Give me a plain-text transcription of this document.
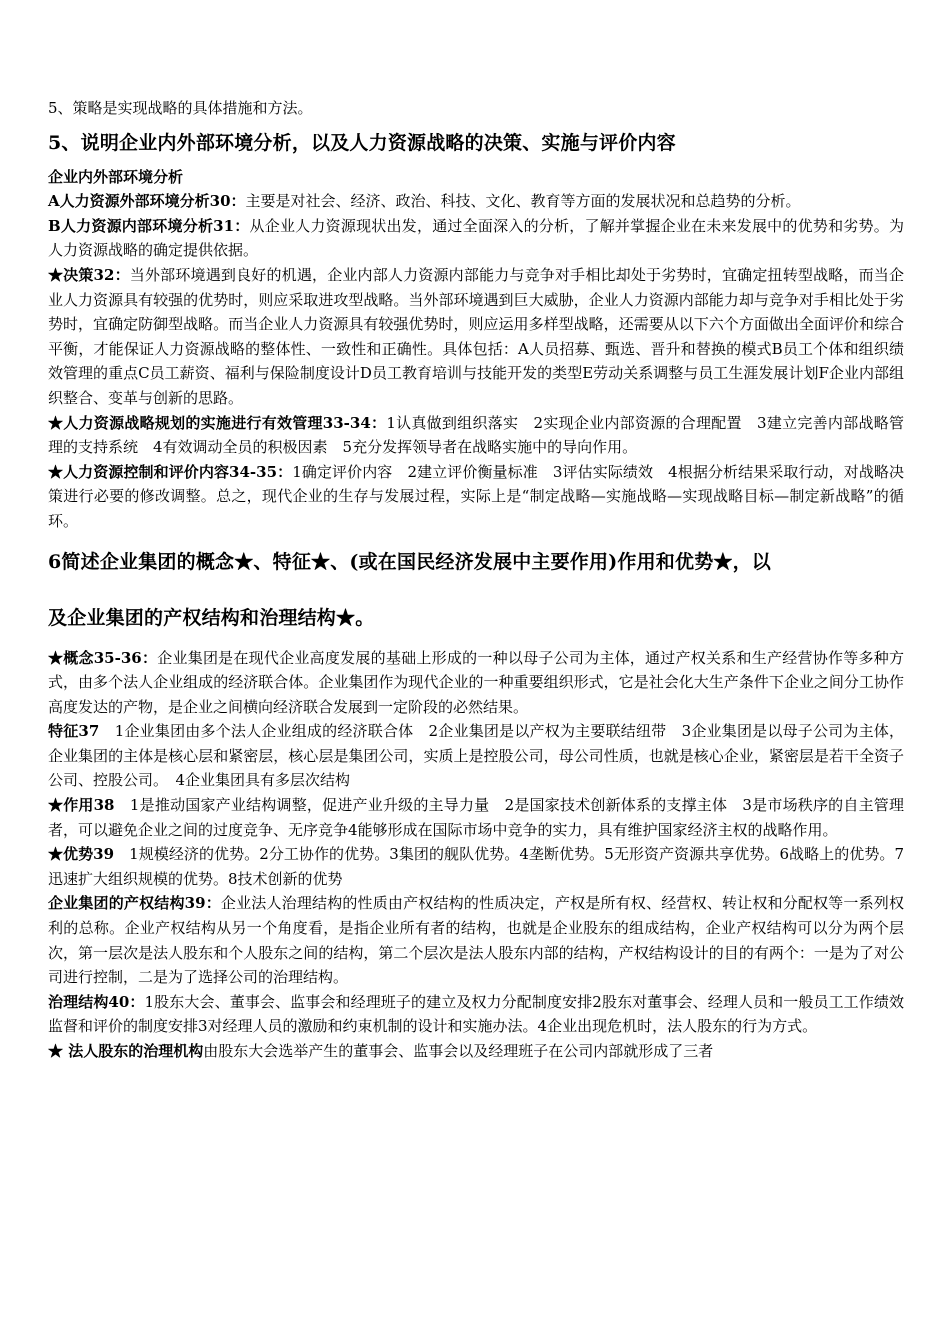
5、策略是实现战略的具体措施和方法。

5、说明企业内外部环境分析，以及人力资源战略的决策、实施与评价内容

企业内外部环境分析

A人力资源外部环境分析30：主要是对社会、经济、政治、科技、文化、教育等方面的发展状况和总趋势的分析。

B人力资源内部环境分析31：从企业人力资源现状出发，通过全面深入的分析，了解并掌握企业在未来发展中的优势和劣势。为人力资源战略的确定提供依据。

★决策32：当外部环境遇到良好的机遇，企业内部人力资源内部能力与竞争对手相比却处于劣势时，宜确定扭转型战略，而当企业人力资源具有较强的优势时，则应采取进攻型战略。当外部环境遇到巨大威胁，企业人力资源内部能力却与竞争对手相比处于劣势时，宜确定防御型战略。而当企业人力资源具有较强优势时，则应运用多样型战略，还需要从以下六个方面做出全面评价和综合平衡，才能保证人力资源战略的整体性、一致性和正确性。具体包括：A人员招募、甄选、晋升和替换的模式B员工个体和组织绩效管理的重点C员工薪资、福利与保险制度设计D员工教育培训与技能开发的类型E劳动关系调整与员工生涯发展计划F企业内部组织整合、变革与创新的思路。

★人力资源战略规划的实施进行有效管理33-34：1认真做到组织落实　2实现企业内部资源的合理配置　3建立完善内部战略管理的支持系统　4有效调动全员的积极因素　5充分发挥领导者在战略实施中的导向作用。

★人力资源控制和评价内容34-35：1确定评价内容　2建立评价衡量标准　3评估实际绩效　4根据分析结果采取行动，对战略决策进行必要的修改调整。总之，现代企业的生存与发展过程，实际上是“制定战略—实施战略—实现战略目标—制定新战略”的循环。

6简述企业集团的概念★、特征★、(或在国民经济发展中主要作用)作用和优势★，以
及企业集团的产权结构和治理结构★。

★概念35-36：企业集团是在现代企业高度发展的基础上形成的一种以母子公司为主体，通过产权关系和生产经营协作等多种方式，由多个法人企业组成的经济联合体。企业集团作为现代企业的一种重要组织形式，它是社会化大生产条件下企业之间分工协作高度发达的产物，是企业之间横向经济联合发展到一定阶段的必然结果。

特征37　1企业集团由多个法人企业组成的经济联合体　2企业集团是以产权为主要联结纽带　3企业集团是以母子公司为主体，企业集团的主体是核心层和紧密层，核心层是集团公司，实质上是控股公司，母公司性质，也就是核心企业，紧密层是若干全资子公司、控股公司。　4企业集团具有多层次结构

★作用38　1是推动国家产业结构调整，促进产业升级的主导力量　2是国家技术创新体系的支撑主体　3是市场秩序的自主管理者，可以避免企业之间的过度竞争、无序竞争4能够形成在国际市场中竞争的实力，具有维护国家经济主权的战略作用。

★优势39　1规模经济的优势。2分工协作的优势。3集团的舰队优势。4垄断优势。5无形资产资源共享优势。6战略上的优势。7迅速扩大组织规模的优势。8技术创新的优势

企业集团的产权结构39：企业法人治理结构的性质由产权结构的性质决定，产权是所有权、经营权、转让权和分配权等一系列权利的总称。企业产权结构从另一个角度看，是指企业所有者的结构，也就是企业股东的组成结构，企业产权结构可以分为两个层次，第一层次是法人股东和个人股东之间的结构，第二个层次是法人股东内部的结构，产权结构设计的目的有两个：一是为了对公司进行控制，二是为了选择公司的治理结构。

治理结构40：1股东大会、董事会、监事会和经理班子的建立及权力分配制度安排2股东对董事会、经理人员和一般员工工作绩效监督和评价的制度安排3对经理人员的激励和约束机制的设计和实施办法。4企业出现危机时，法人股东的行为方式。

★ 法人股东的治理机构由股东大会选举产生的董事会、监事会以及经理班子在公司内部就形成了三者
